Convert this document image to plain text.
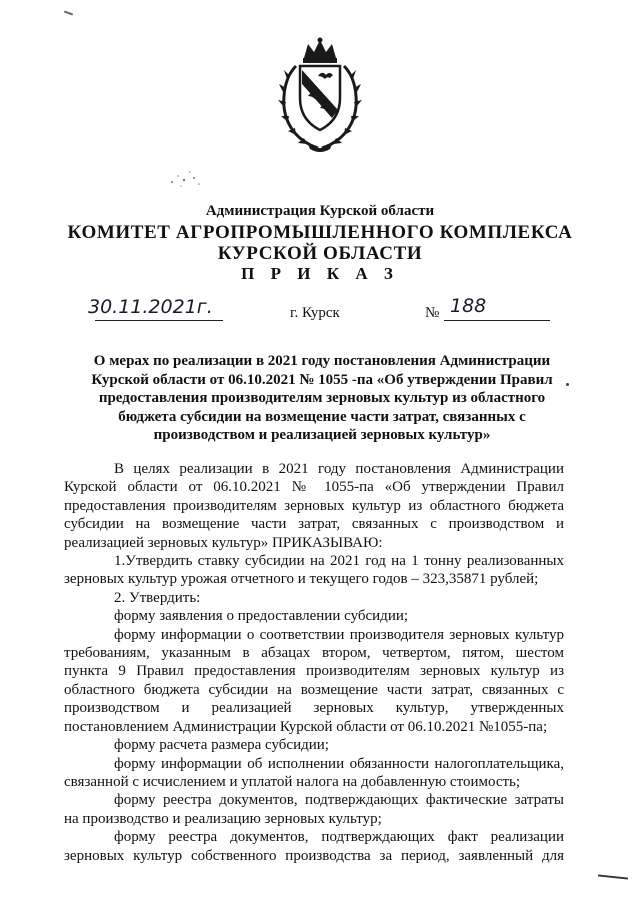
Администрация Курской области
КОМИТЕТ АГРОПРОМЫШЛЕННОГО КОМПЛЕКСА
КУРСКОЙ ОБЛАСТИ
П Р И К А З
30.11.2021г.	г. Курск	№ 188
О мерах по реализации в 2021 году постановления Администрации
Курской области от 06.10.2021 № 1055 -па «Об утверждении Правил
предоставления производителям зерновых культур из областного
бюджета субсидии на возмещение части затрат, связанных с
производством и реализацией зерновых культур»
В целях реализации в 2021 году постановления Администрации
Курской области от 06.10.2021 № 1055-па «Об утверждении Правил
предоставления производителям зерновых культур из областного бюджета
субсидии на возмещение части затрат, связанных с производством и
реализацией зерновых культур» ПРИКАЗЫВАЮ:
1.Утвердить ставку субсидии на 2021 год на 1 тонну реализованных
зерновых культур урожая отчетного и текущего годов – 323,35871 рублей;
2. Утвердить:
форму заявления о предоставлении субсидии;
форму информации о соответствии производителя зерновых культур
требованиям, указанным в абзацах втором, четвертом, пятом, шестом
пункта 9 Правил предоставления производителям зерновых культур из
областного бюджета субсидии на возмещение части затрат, связанных с
производством и реализацией зерновых культур, утвержденных
постановлением Администрации Курской области от 06.10.2021 №1055-па;
форму расчета размера субсидии;
форму информации об исполнении обязанности налогоплательщика,
связанной с исчислением и уплатой налога на добавленную стоимость;
форму реестра документов, подтверждающих фактические затраты
на производство и реализацию зерновых культур;
форму реестра документов, подтверждающих факт реализации
зерновых культур собственного производства за период, заявленный для
